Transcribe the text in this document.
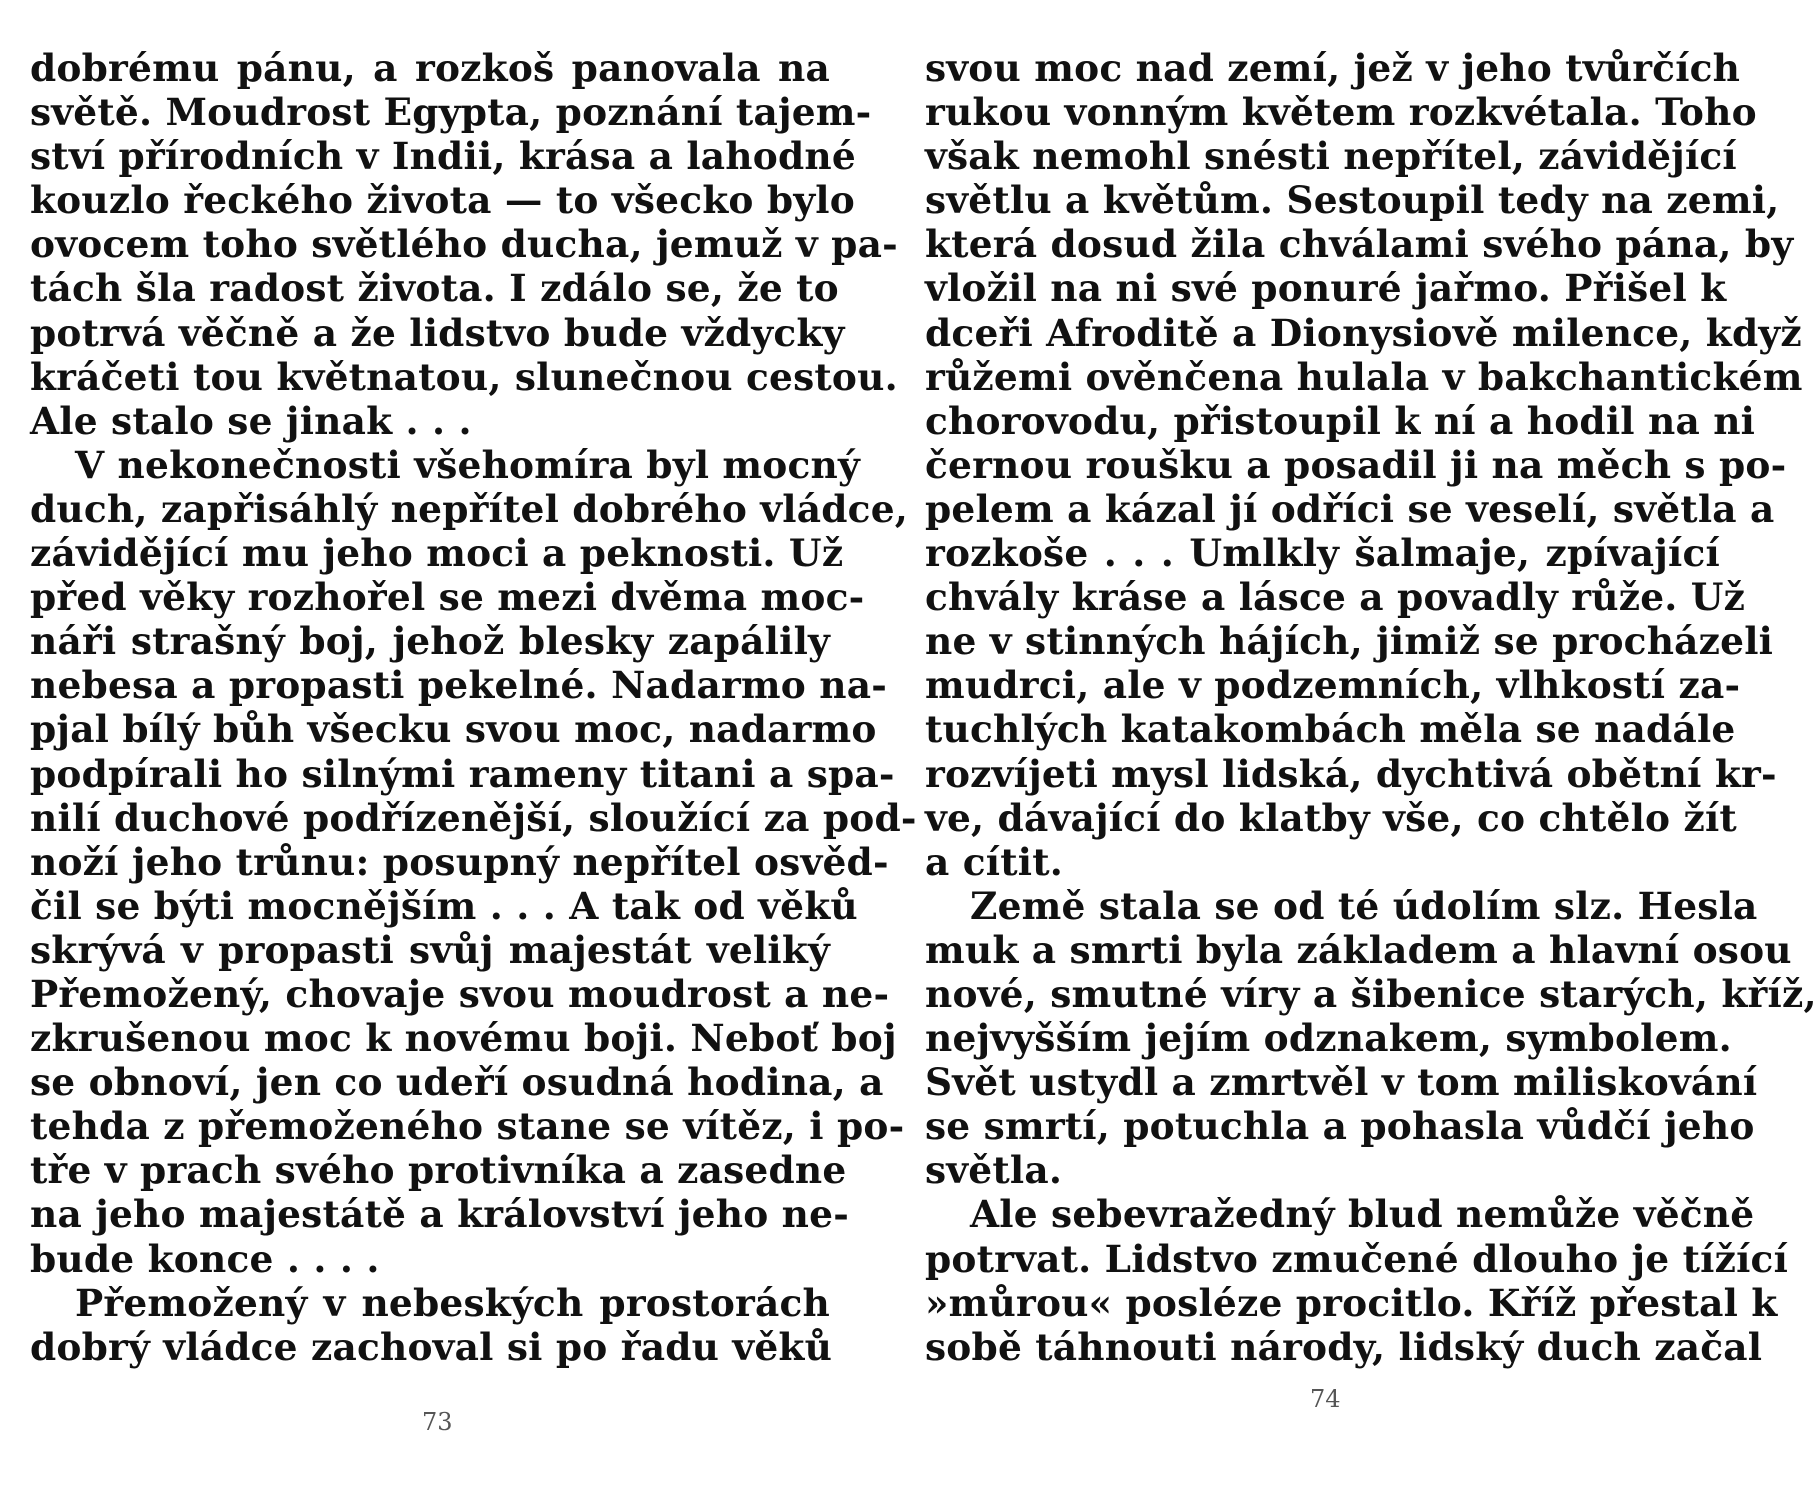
dobrému pánu, a rozkoš panovala na
světě. Moudrost Egypta, poznání tajem-
ství přírodních v Indii, krása a lahodné
kouzlo řeckého života — to všecko bylo
ovocem toho světlého ducha, jemuž v pa-
tách šla radost života. I zdálo se, že to
potrvá věčně a že lidstvo bude vždycky
kráčeti tou květnatou, slunečnou cestou.
Ale stalo se jinak . . .
V nekonečnosti všehomíra byl mocný
duch, zapřisáhlý nepřítel dobrého vládce,
závidějící mu jeho moci a peknosti. Už
před věky rozhořel se mezi dvěma moc-
náři strašný boj, jehož blesky zapálily
nebesa a propasti pekelné. Nadarmo na-
pjal bílý bůh všecku svou moc, nadarmo
podpírali ho silnými rameny titani a spa-
nilí duchové podřízenější, sloužící za pod-
noží jeho trůnu: posupný nepřítel osvěd-
čil se býti mocnějším . . . A tak od věků
skrývá v propasti svůj majestát veliký
Přemožený, chovaje svou moudrost a ne-
zkrušenou moc k novému boji. Neboť boj
se obnoví, jen co udeří osudná hodina, a
tehda z přemoženého stane se vítěz, i po-
tře v prach svého protivníka a zasedne
na jeho majestátě a království jeho ne-
bude konce . . . .
Přemožený v nebeských prostorách
dobrý vládce zachoval si po řadu věků
73
svou moc nad zemí, jež v jeho tvůrčích
rukou vonným květem rozkvétala. Toho
však nemohl snésti nepřítel, závidějící
světlu a květům. Sestoupil tedy na zemi,
která dosud žila chválami svého pána, by
vložil na ni své ponuré jařmo. Přišel k
dceři Afroditě a Dionysiově milence, když
růžemi ověnčena hulala v bakchantickém
chorovodu, přistoupil k ní a hodil na ni
černou roušku a posadil ji na měch s po-
pelem a kázal jí odříci se veselí, světla a
rozkoše . . . Umlkly šalmaje, zpívající
chvály kráse a lásce a povadly růže. Už
ne v stinných hájích, jimiž se procházeli
mudrci, ale v podzemních, vlhkostí za-
tuchlých katakombách měla se nadále
rozvíjeti mysl lidská, dychtivá obětní kr-
ve, dávající do klatby vše, co chtělo žít
a cítit.
Země stala se od té údolím slz. Hesla
muk a smrti byla základem a hlavní osou
nové, smutné víry a šibenice starých, kříž,
nejvyšším jejím odznakem, symbolem.
Svět ustydl a zmrtvěl v tom miliskování
se smrtí, potuchla a pohasla vůdčí jeho
světla.
Ale sebevražedný blud nemůže věčně
potrvat. Lidstvo zmučené dlouho je tížící
»můrou« posléze procitlo. Kříž přestal k
sobě táhnouti národy, lidský duch začal
74
